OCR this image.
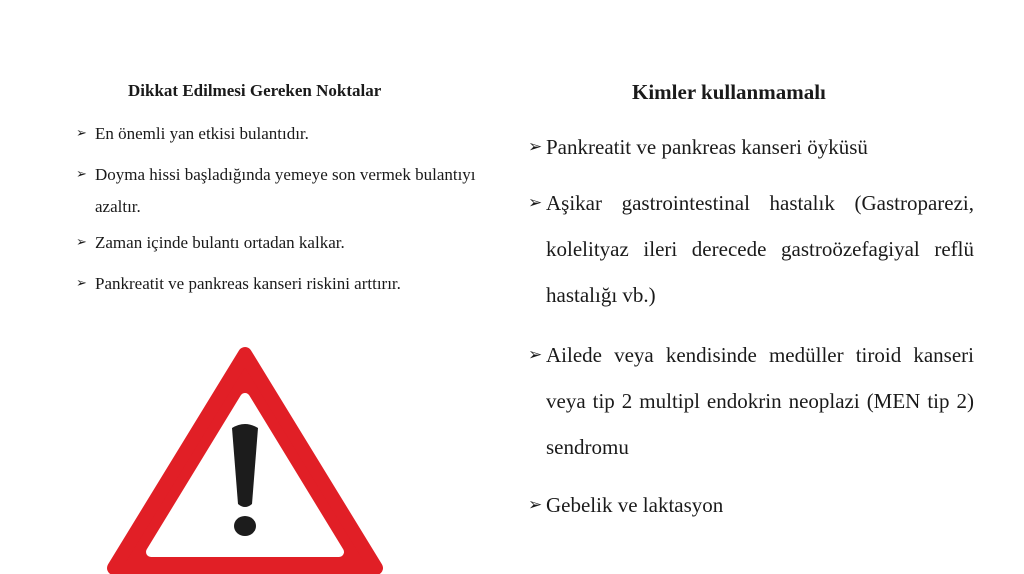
Dikkat Edilmesi Gereken Noktalar
➢ En önemli yan etkisi bulantıdır.
➢ Doyma hissi başladığında yemeye son vermek bulantıyı azaltır.
➢ Zaman içinde bulantı ortadan kalkar.
➢ Pankreatit ve pankreas kanseri riskini arttırır.
Kimler kullanmamalı
➢ Pankreatit ve pankreas kanseri öyküsü
➢ Aşikar gastrointestinal hastalık (Gastroparezi, kolelityaz ileri derecede gastroözefagiyal reflü hastalığı vb.)
➢ Ailede veya kendisinde medüller tiroid kanseri veya tip 2 multipl endokrin neoplazi (MEN tip 2) sendromu
➢ Gebelik ve laktasyon
